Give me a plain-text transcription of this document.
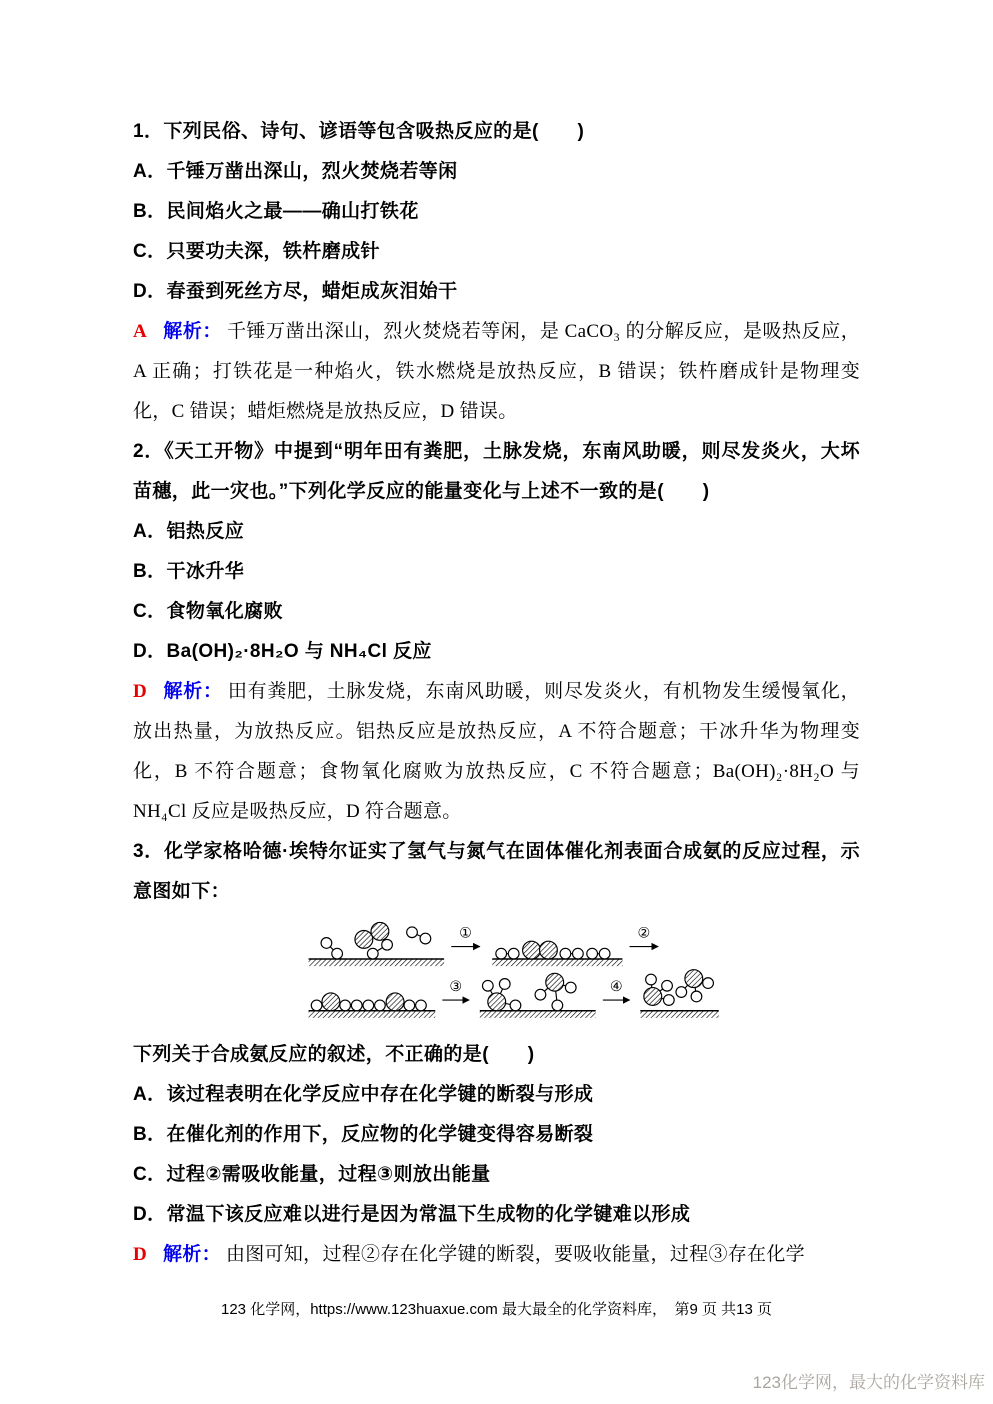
1．下列民俗、诗句、谚语等包含吸热反应的是(　　)

A．千锤万凿出深山，烈火焚烧若等闲

B．民间焰火之最——确山打铁花

C．只要功夫深，铁杵磨成针

D．春蚕到死丝方尽，蜡炬成灰泪始干

A 解析： 千锤万凿出深山，烈火焚烧若等闲，是 CaCO₃ 的分解反应，是吸热反应，A 正确；打铁花是一种焰火，铁水燃烧是放热反应，B 错误；铁杵磨成针是物理变化，C 错误；蜡炬燃烧是放热反应，D 错误。

2．《天工开物》中提到“明年田有粪肥，土脉发烧，东南风助暖，则尽发炎火，大坏苗穗，此一灾也。”下列化学反应的能量变化与上述不一致的是(　　)

A．铝热反应

B．干冰升华

C．食物氧化腐败

D．Ba(OH)₂·8H₂O 与 NH₄Cl 反应

D 解析： 田有粪肥，土脉发烧，东南风助暖，则尽发炎火，有机物发生缓慢氧化，放出热量，为放热反应。铝热反应是放热反应，A 不符合题意；干冰升华为物理变化，B 不符合题意；食物氧化腐败为放热反应，C 不符合题意；Ba(OH)₂·8H₂O 与 NH₄Cl 反应是吸热反应，D 符合题意。

3．化学家格哈德·埃特尔证实了氢气与氮气在固体催化剂表面合成氨的反应过程，示意图如下：

①	②
③	④

下列关于合成氨反应的叙述，不正确的是(　　)

A．该过程表明在化学反应中存在化学键的断裂与形成

B．在催化剂的作用下，反应物的化学键变得容易断裂

C．过程②需吸收能量，过程③则放出能量

D．常温下该反应难以进行是因为常温下生成物的化学键难以形成

D 解析： 由图可知，过程②存在化学键的断裂，要吸收能量，过程③存在化学

123 化学网，https://www.123huaxue.com 最大最全的化学资料库，　第9 页 共13 页

123化学网，最大的化学资料库
